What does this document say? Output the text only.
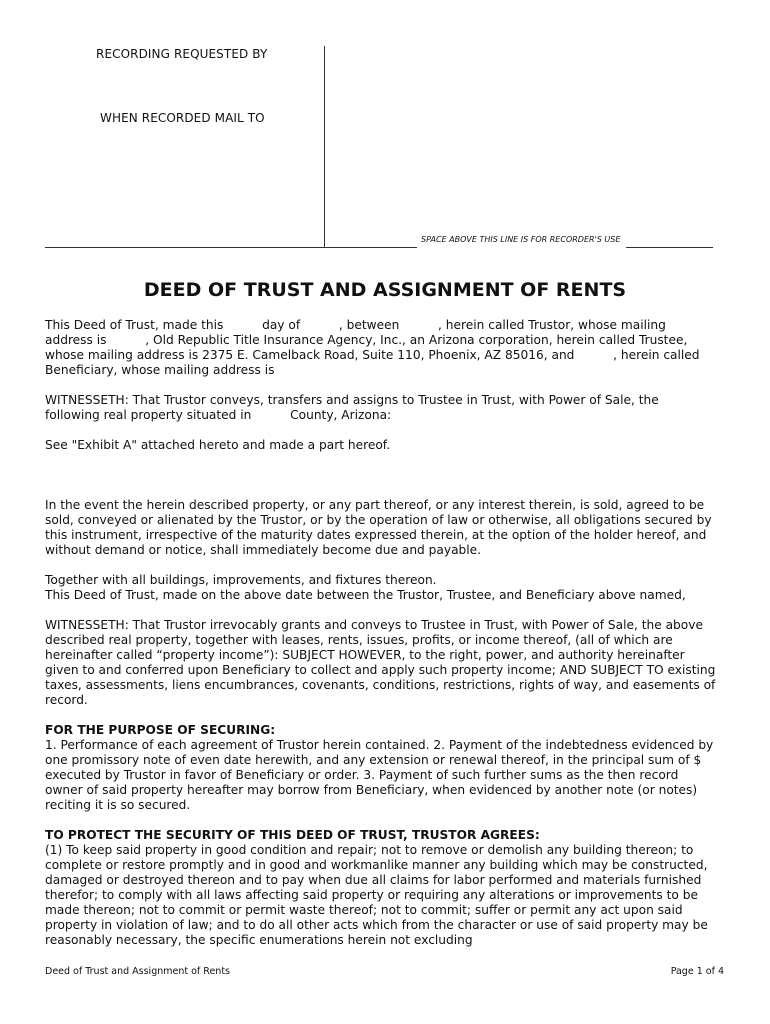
RECORDING REQUESTED BY
WHEN RECORDED MAIL TO
SPACE ABOVE THIS LINE IS FOR RECORDER'S USE
DEED OF TRUST AND ASSIGNMENT OF RENTS

This Deed of Trust, made this          day of          , between          , herein called Trustor, whose mailing address is          , Old Republic Title Insurance Agency, Inc., an Arizona corporation, herein called Trustee, whose mailing address is 2375 E. Camelback Road, Suite 110, Phoenix, AZ 85016, and          , herein called Beneficiary, whose mailing address is

WITNESSETH: That Trustor conveys, transfers and assigns to Trustee in Trust, with Power of Sale, the following real property situated in          County, Arizona:

See "Exhibit A" attached hereto and made a part hereof.

In the event the herein described property, or any part thereof, or any interest therein, is sold, agreed to be sold, conveyed or alienated by the Trustor, or by the operation of law or otherwise, all obligations secured by this instrument, irrespective of the maturity dates expressed therein, at the option of the holder hereof, and without demand or notice, shall immediately become due and payable.

Together with all buildings, improvements, and fixtures thereon.

This Deed of Trust, made on the above date between the Trustor, Trustee, and Beneficiary above named,

WITNESSETH: That Trustor irrevocably grants and conveys to Trustee in Trust, with Power of Sale, the above described real property, together with leases, rents, issues, profits, or income thereof, (all of which are hereinafter called “property income”): SUBJECT HOWEVER, to the right, power, and authority hereinafter given to and conferred upon Beneficiary to collect and apply such property income; AND SUBJECT TO existing taxes, assessments, liens encumbrances, covenants, conditions, restrictions, rights of way, and easements of record.

FOR THE PURPOSE OF SECURING:

1. Performance of each agreement of Trustor herein contained. 2. Payment of the indebtedness evidenced by one promissory note of even date herewith, and any extension or renewal thereof, in the principal sum of $          executed by Trustor in favor of Beneficiary or order. 3. Payment of such further sums as the then record owner of said property hereafter may borrow from Beneficiary, when evidenced by another note (or notes) reciting it is so secured.

TO PROTECT THE SECURITY OF THIS DEED OF TRUST, TRUSTOR AGREES:

(1) To keep said property in good condition and repair; not to remove or demolish any building thereon; to complete or restore promptly and in good and workmanlike manner any building which may be constructed, damaged or destroyed thereon and to pay when due all claims for labor performed and materials furnished therefor; to comply with all laws affecting said property or requiring any alterations or improvements to be made thereon; not to commit or permit waste thereof; not to commit; suffer or permit any act upon said property in violation of law; and to do all other acts which from the character or use of said property may be reasonably necessary, the specific enumerations herein not excluding

Deed of Trust and Assignment of Rents	Page 1 of 4
